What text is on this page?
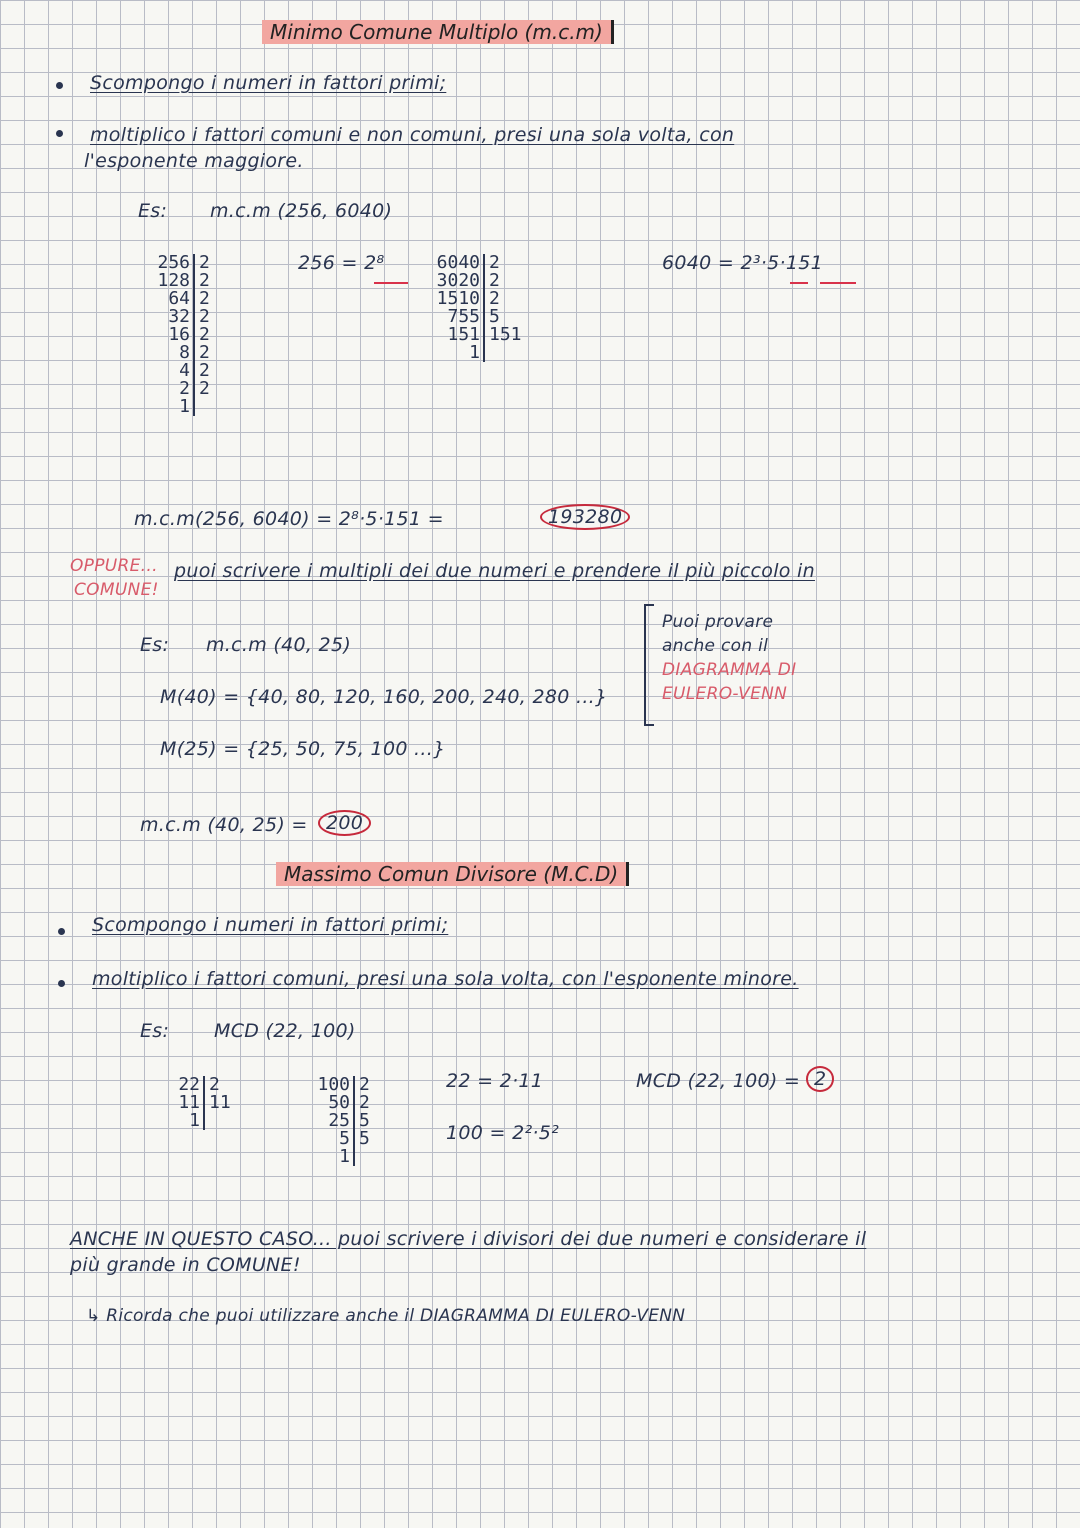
Minimo Comune Multiplo (m.c.m)
Scompongo i numeri in fattori primi;
moltiplico i fattori comuni e non comuni, presi una sola volta, con
l'esponente maggiore.
Es: m.c.m (256, 6040)
256 2
128 2
64 2
32 2
16 2
8 2
4 2
2 2
1
256 = 2⁸	6040 2
3020 2
1510 2
755 5
151 151
1
6040 = 2³·5·151
m.c.m(256, 6040) = 2⁸·5·151 =	193280
OPPURE... puoi scrivere i multipli dei due numeri e prendere il più piccolo in
COMUNE!
Es: m.c.m (40, 25)
M(40) = {40, 80, 120, 160, 200, 240, 280 ...}
M(25) = {25, 50, 75, 100 ...}
m.c.m (40, 25) = 200
Puoi provare
anche con il
DIAGRAMMA DI
EULERO-VENN
Massimo Comun Divisore (M.C.D)
Scompongo i numeri in fattori primi;
moltiplico i fattori comuni, presi una sola volta, con l'esponente minore.
Es: MCD (22, 100)
22 2
11 11
1
100 2
50 2
25 5
5 5
1
22 = 2·11
100 = 2²·5²
MCD (22, 100) = 2
ANCHE IN QUESTO CASO... puoi scrivere i divisori dei due numeri e considerare il
più grande in COMUNE!
↳ Ricorda che puoi utilizzare anche il DIAGRAMMA DI EULERO-VENN
